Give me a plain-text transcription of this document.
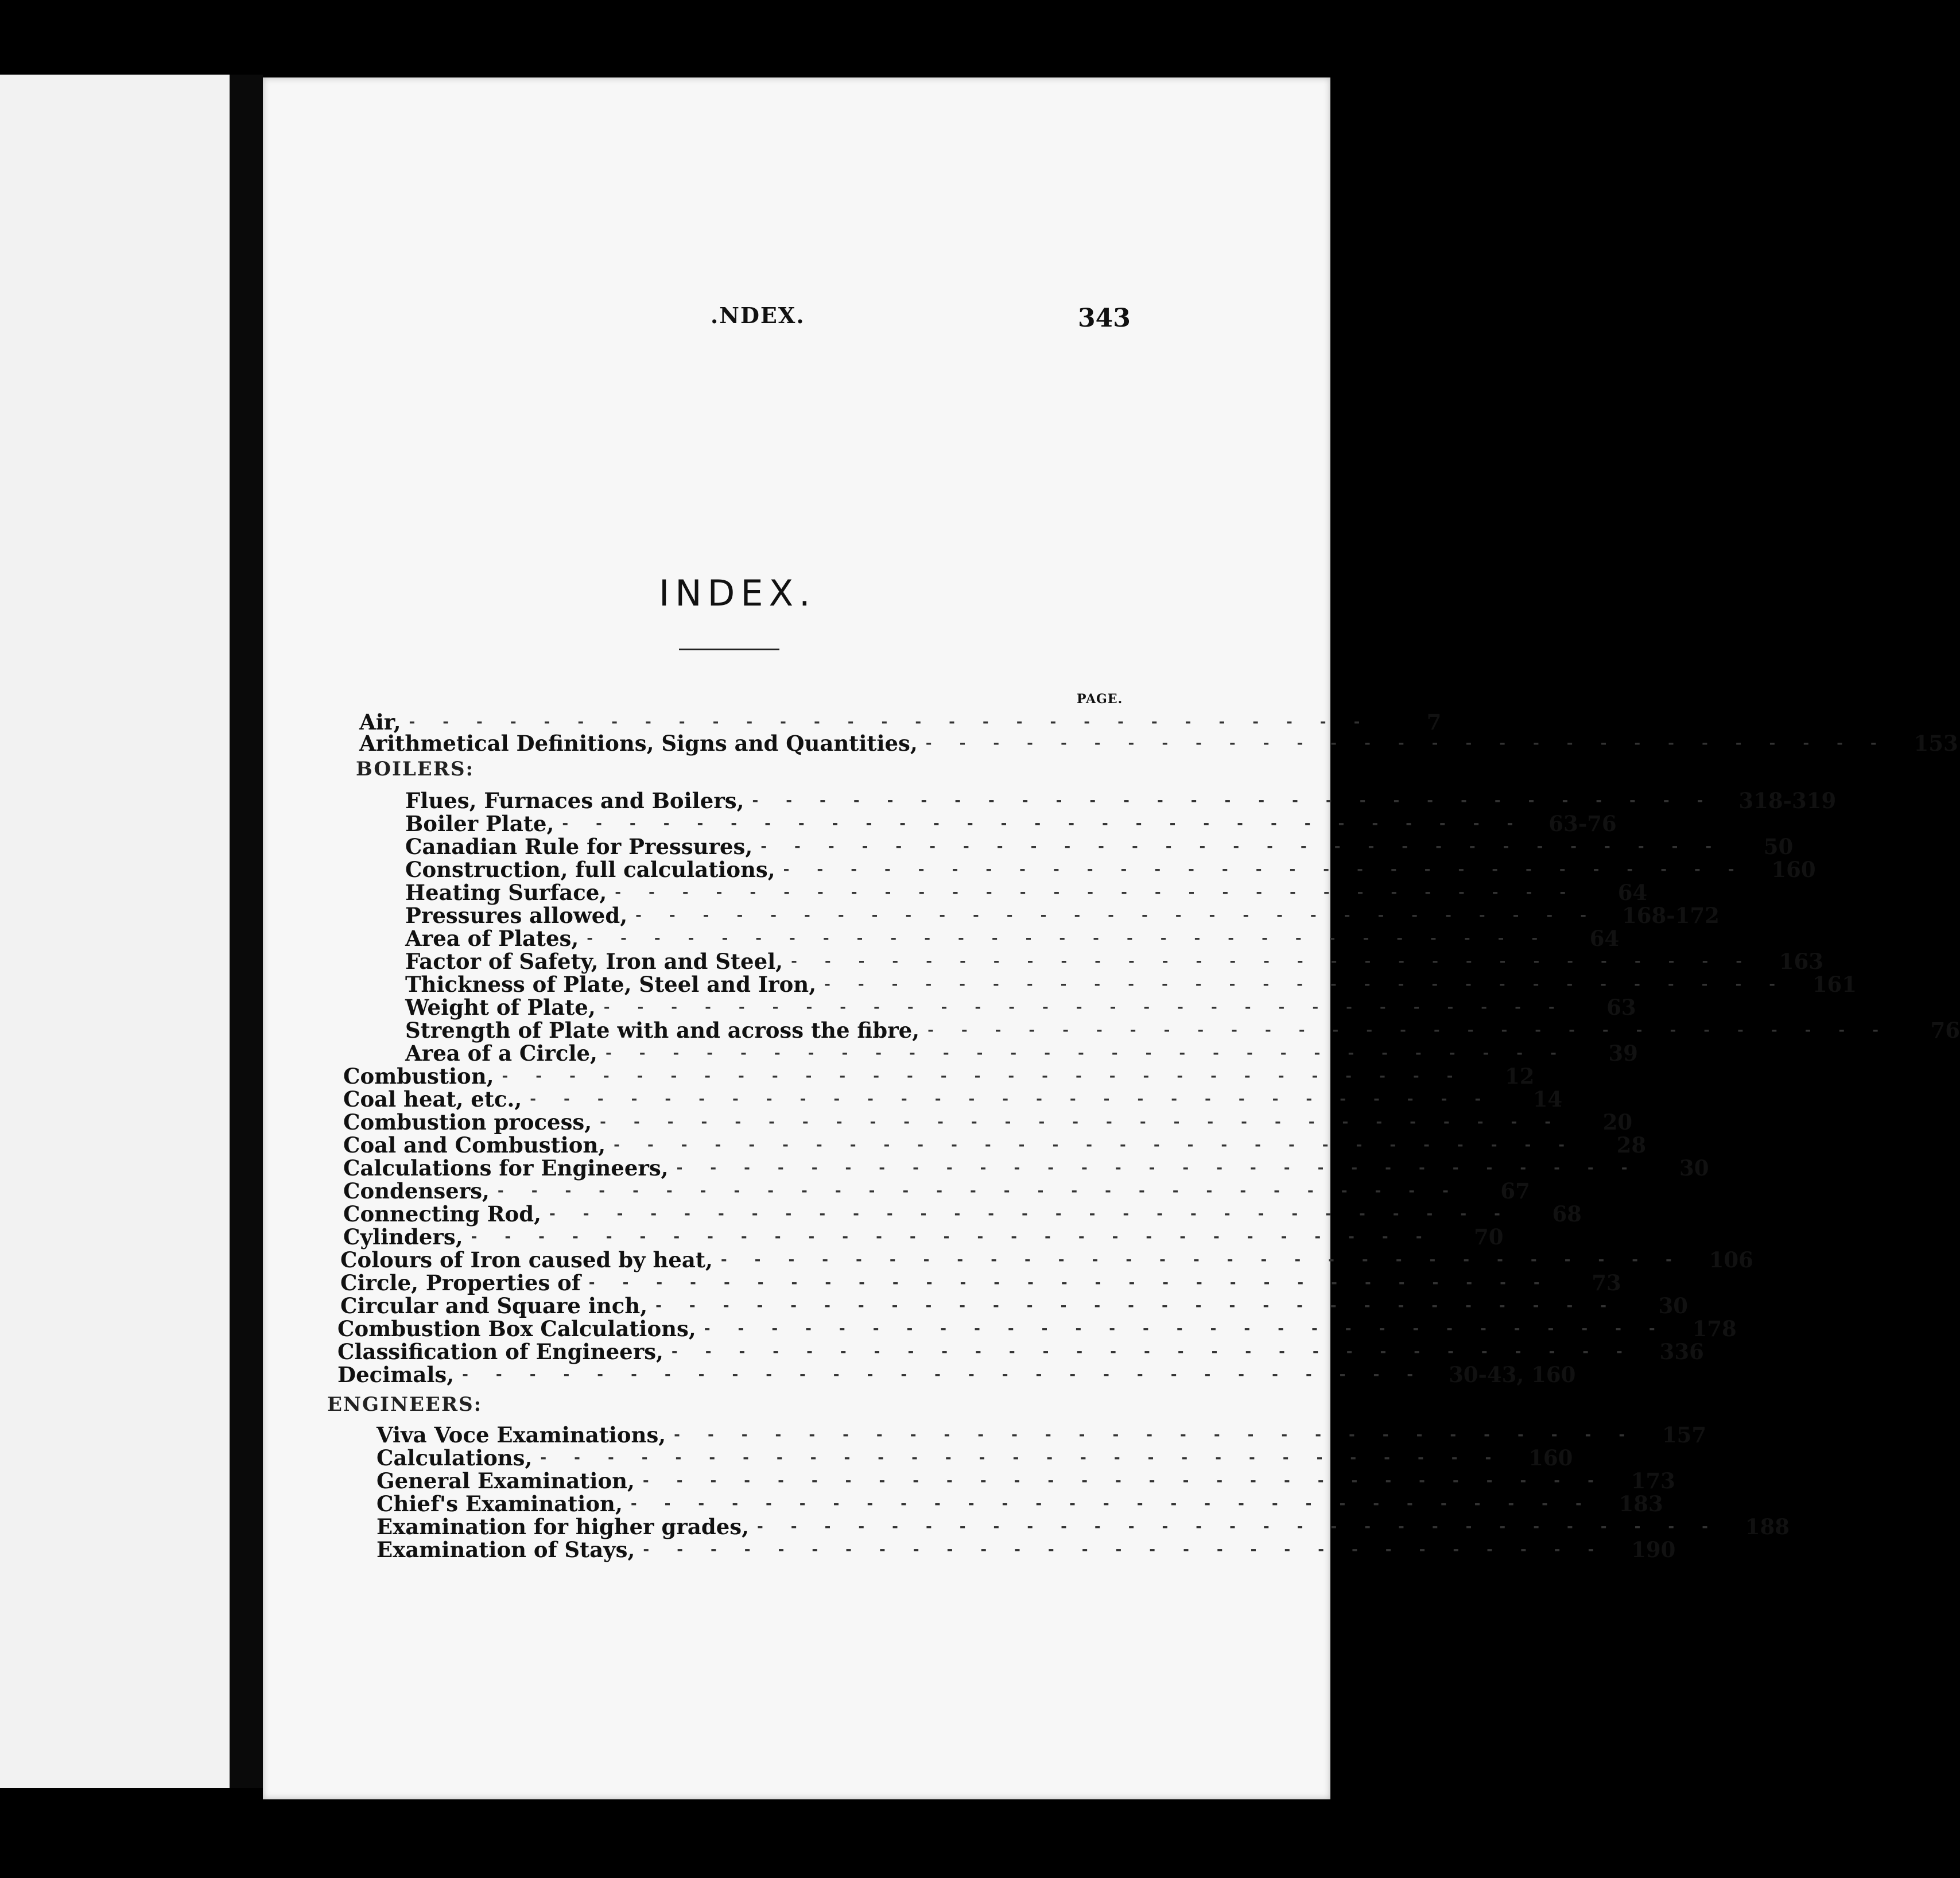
.NDEX.	343
INDEX.
PAGE.
Air, -----------------------------	7
Arithmetical Definitions, Signs and Quantities, ----------------------------- 153
Flues, Furnaces and Boilers, ----------------------------- 318-319
Boiler Plate, ----------------------------- 63-76
Canadian Rule for Pressures, -----------------------------	50
Construction, full calculations, ----------------------------- 160
Heating Surface, -----------------------------	64
Pressures allowed, ----------------------------- 168-172
Area of Plates, -----------------------------	64
Factor of Safety, Iron and Steel, ----------------------------- 163
Thickness of Plate, Steel and Iron, ----------------------------- 161
Weight of Plate, -----------------------------	63
Strength of Plate with and across the fibre, -----------------------------	76
Area of a Circle, -----------------------------	39
Combustion, -----------------------------	12
Coal heat, etc., -----------------------------	14
Combustion process, -----------------------------	20
Coal and Combustion, -----------------------------	28
Calculations for Engineers, -----------------------------	30
Condensers, -----------------------------	67
Connecting Rod, -----------------------------	68
Cylinders, -----------------------------	70
Colours of Iron caused by heat, ----------------------------- 106
Circle, Properties of -----------------------------	73
Circular and Square inch, -----------------------------	30
Combustion Box Calculations, ----------------------------- 178
Classification of Engineers, ----------------------------- 336
Decimals, ----------------------------- 30-43, 160
Viva Voce Examinations, ----------------------------- 157
Calculations, ----------------------------- 160
General Examination, ----------------------------- 173
Chief's Examination, ----------------------------- 183
Examination for higher grades, ----------------------------- 188
Examination of Stays, ----------------------------- 190
BOILERS:
ENGINEERS:
